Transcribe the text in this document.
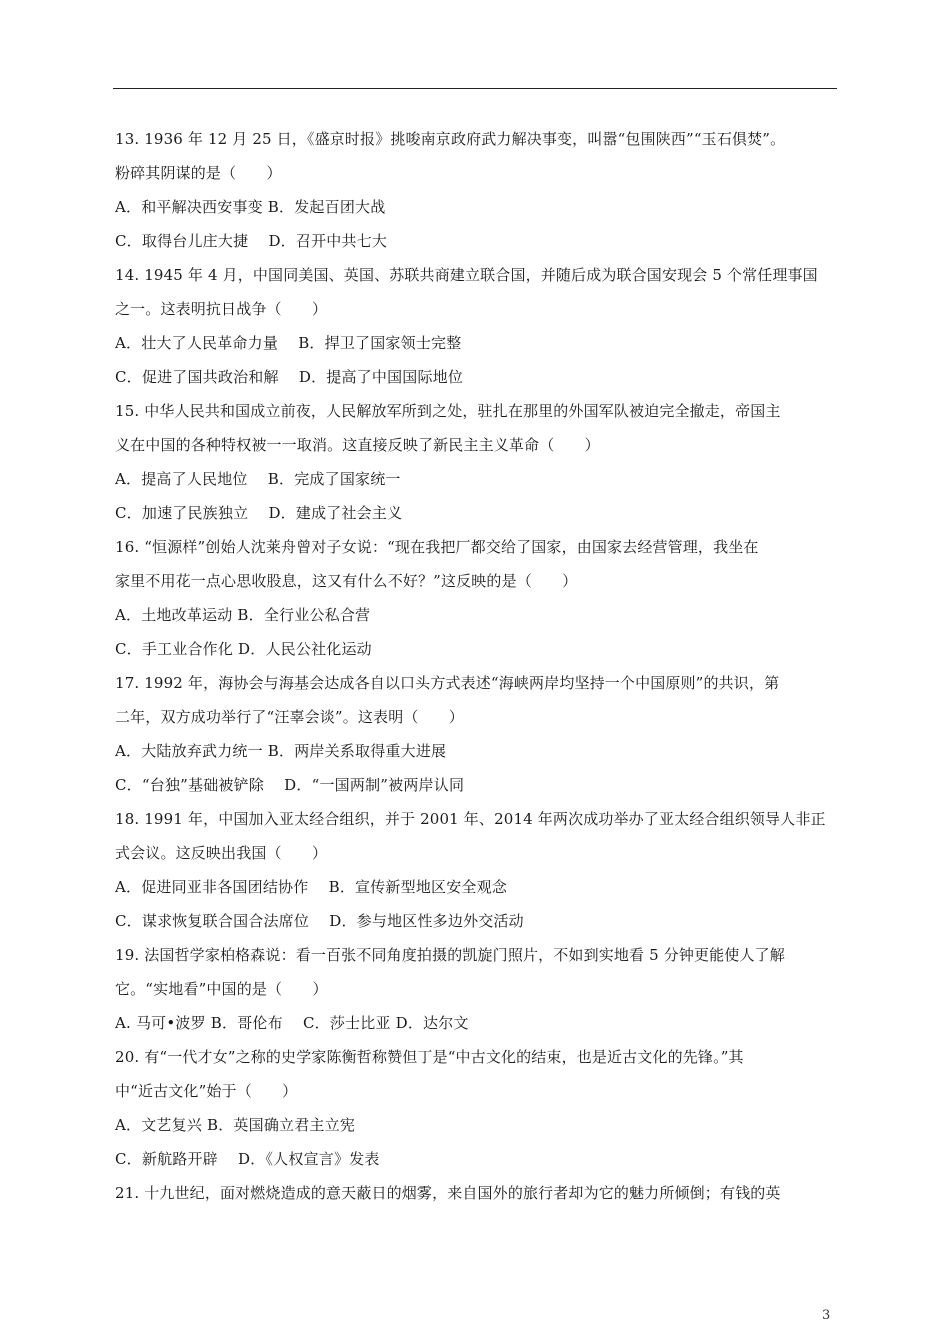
13. 1936 年 12 月 25 日，《盛京时报》挑唆南京政府武力解决事变，叫嚣“包围陕西”“玉石俱焚”。
粉碎其阴谋的是（　　）
A．和平解决西安事变 B．发起百团大战
C．取得台儿庄大捷　 D．召开中共七大
14. 1945 年 4 月，中国同美国、英国、苏联共商建立联合国，并随后成为联合国安现会 5 个常任理事国
之一。这表明抗日战争（　　）
A．壮大了人民革命力量　 B．捍卫了国家领士完整
C．促进了国共政治和解　 D．提高了中国国际地位
15. 中华人民共和国成立前夜，人民解放军所到之处，驻扎在那里的外国军队被迫完全撤走，帝国主
义在中国的各种特权被一一取消。这直接反映了新民主主义革命（　　）
A．提高了人民地位　 B．完成了国家统一
C．加速了民族独立　 D．建成了社会主义
16. “恒源样”创始人沈莱舟曾对子女说：“现在我把厂都交给了国家，由国家去经营管理，我坐在
家里不用花一点心思收股息，这又有什么不好？”这反映的是（　　）
A．土地改革运动 B．全行业公私合营
C．手工业合作化 D．人民公社化运动
17. 1992 年，海协会与海基会达成各自以口头方式表述“海峡两岸均坚持一个中国原则”的共识，第
二年，双方成功举行了“汪辜会谈”。这表明（　　）
A．大陆放弃武力统一 B．两岸关系取得重大进展
C．“台独”基础被铲除　 D．“一国两制”被两岸认同
18. 1991 年，中国加入亚太经合组织，并于 2001 年、2014 年两次成功举办了亚太经合组织领导人非正
式会议。这反映出我国（　　）
A．促进同亚非各国团结协作　 B．宣传新型地区安全观念
C．谋求恢复联合国合法席位　 D．参与地区性多边外交活动
19. 法国哲学家柏格森说：看一百张不同角度拍摄的凯旋门照片，不如到实地看 5 分钟更能使人了解
它。“实地看”中国的是（　　）
A. 马可•波罗 B．哥伦布　 C．莎士比亚 D．达尔文
20. 有“一代才女”之称的史学家陈衡哲称赞但丁是“中古文化的结束，也是近古文化的先锋。”其
中“近古文化”始于（　　）
A．文艺复兴 B．英国确立君主立宪
C．新航路开辟　 D．《人权宣言》发表
21. 十九世纪，面对燃烧造成的意天蔽日的烟雾，来自国外的旅行者却为它的魅力所倾倒；有钱的英
3
